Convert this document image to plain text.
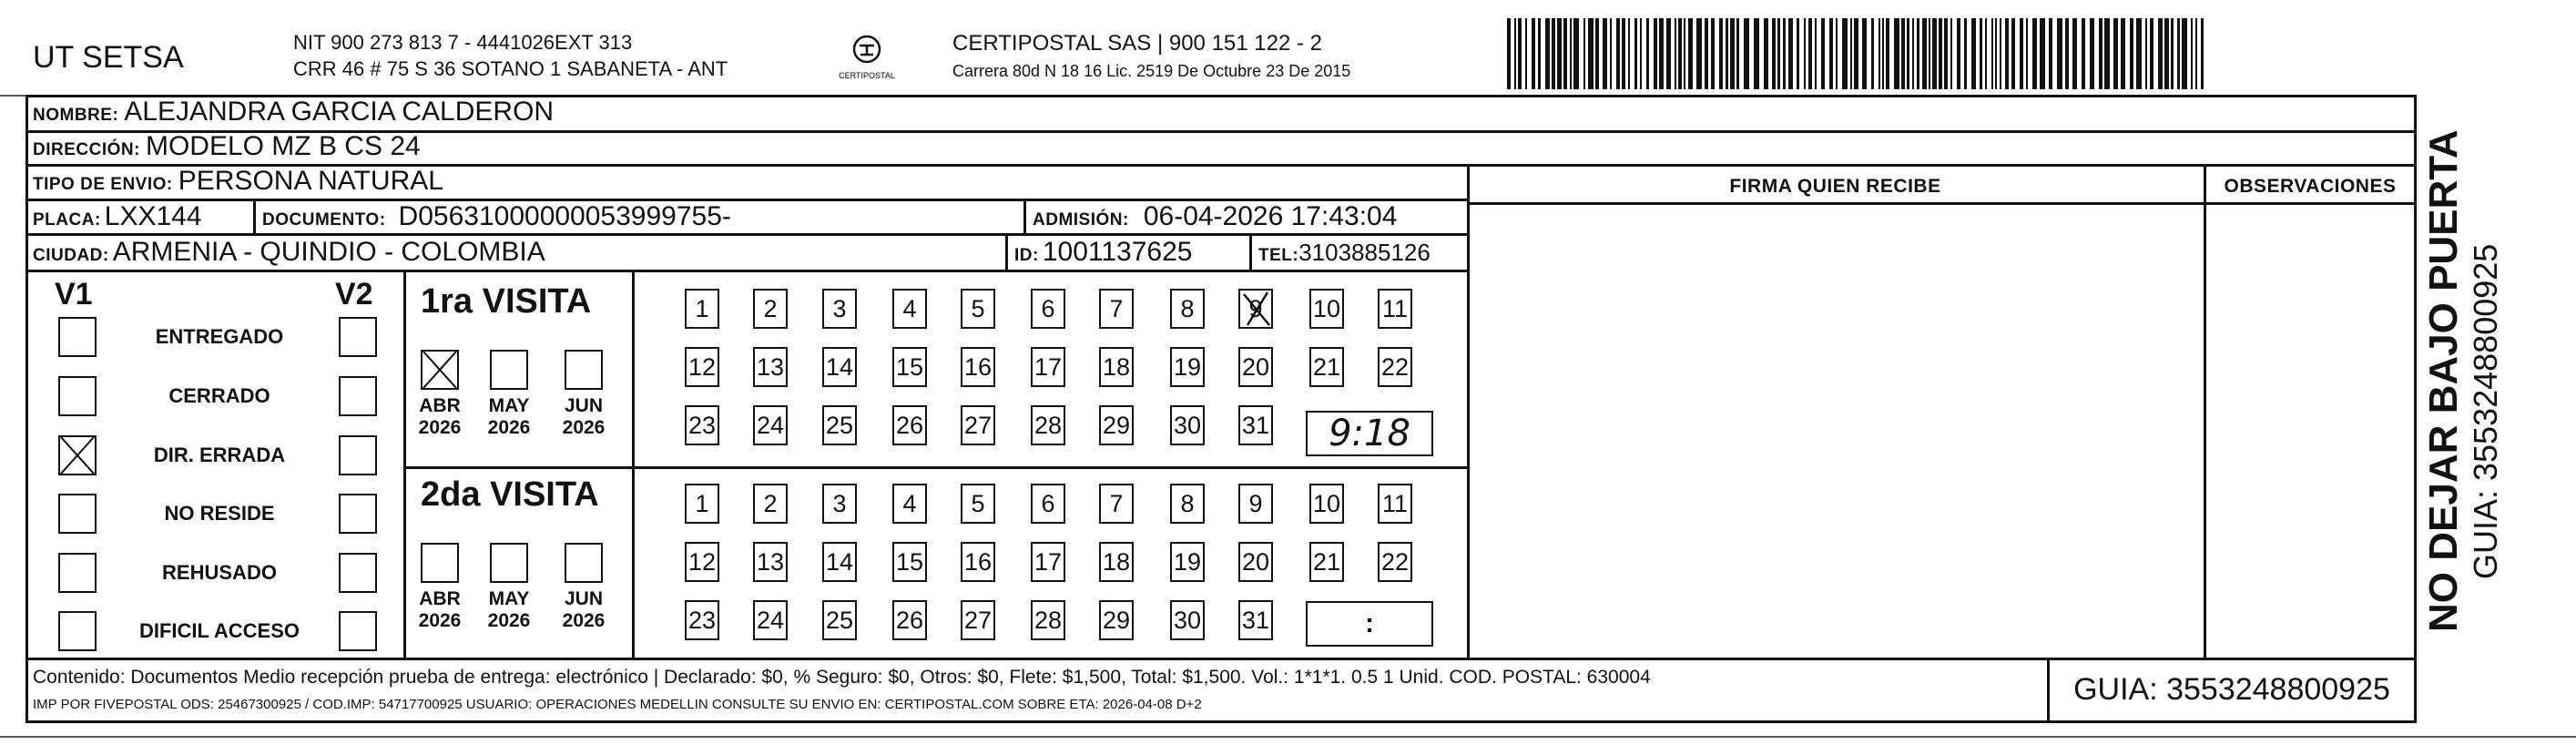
UT SETSA	NIT 900 273 813 7 - 4441026EXT 313
CRR 46 # 75 S 36 SOTANO 1 SABANETA - ANT	CERTIPOSTAL
CERTIPOSTAL SAS | 900 151 122 - 2
Carrera 80d N 18 16 Lic. 2519 De Octubre 23 De 2015
NOMBRE: ALEJANDRA GARCIA CALDERON
DIRECCIÓN: MODELO MZ B CS 24
TIPO DE ENVIO: PERSONA NATURAL	FIRMA QUIEN RECIBE	OBSERVACIONES
PLACA: LXX144	DOCUMENTO: D05631000000053999755-	ADMISIÓN: 06-04-2026 17:43:04
CIUDAD: ARMENIA - QUINDIO - COLOMBIA	ID: 1001137625	TEL: 3103885126
V1	V2
ENTREGADO
CERRADO
DIR. ERRADA
NO RESIDE
REHUSADO
DIFICIL ACCESO
1ra VISITA
ABR
2026
MAY
2026
JUN
2026
1	2	3	4	5	6	7	8	9	10 11
12 13 14 15 16 17 18 19 20 21 22
23 24 25 26 27 28 29 30 31
2da VISITA
ABR
2026
MAY
2026
JUN
2026
1	2	3	4	5	6	7	8	9	10 11
12 13 14 15 16 17 18 19 20 21 22
23 24 25 26 27 28 29 30 31
9:18
:
Contenido: Documentos Medio recepción prueba de entrega: electrónico | Declarado: $0, % Seguro: $0, Otros: $0, Flete: $1,500, Total: $1,500. Vol.: 1*1*1. 0.5 1 Unid. COD. POSTAL: 630004
IMP POR FIVEPOSTAL ODS: 25467300925 / COD.IMP: 54717700925 USUARIO: OPERACIONES MEDELLIN CONSULTE SU ENVIO EN: CERTIPOSTAL.COM SOBRE ETA: 2026-04-08 D+2	GUIA: 3553248800925
NO DEJAR BAJO PUERTA GUIA: 3553248800925
